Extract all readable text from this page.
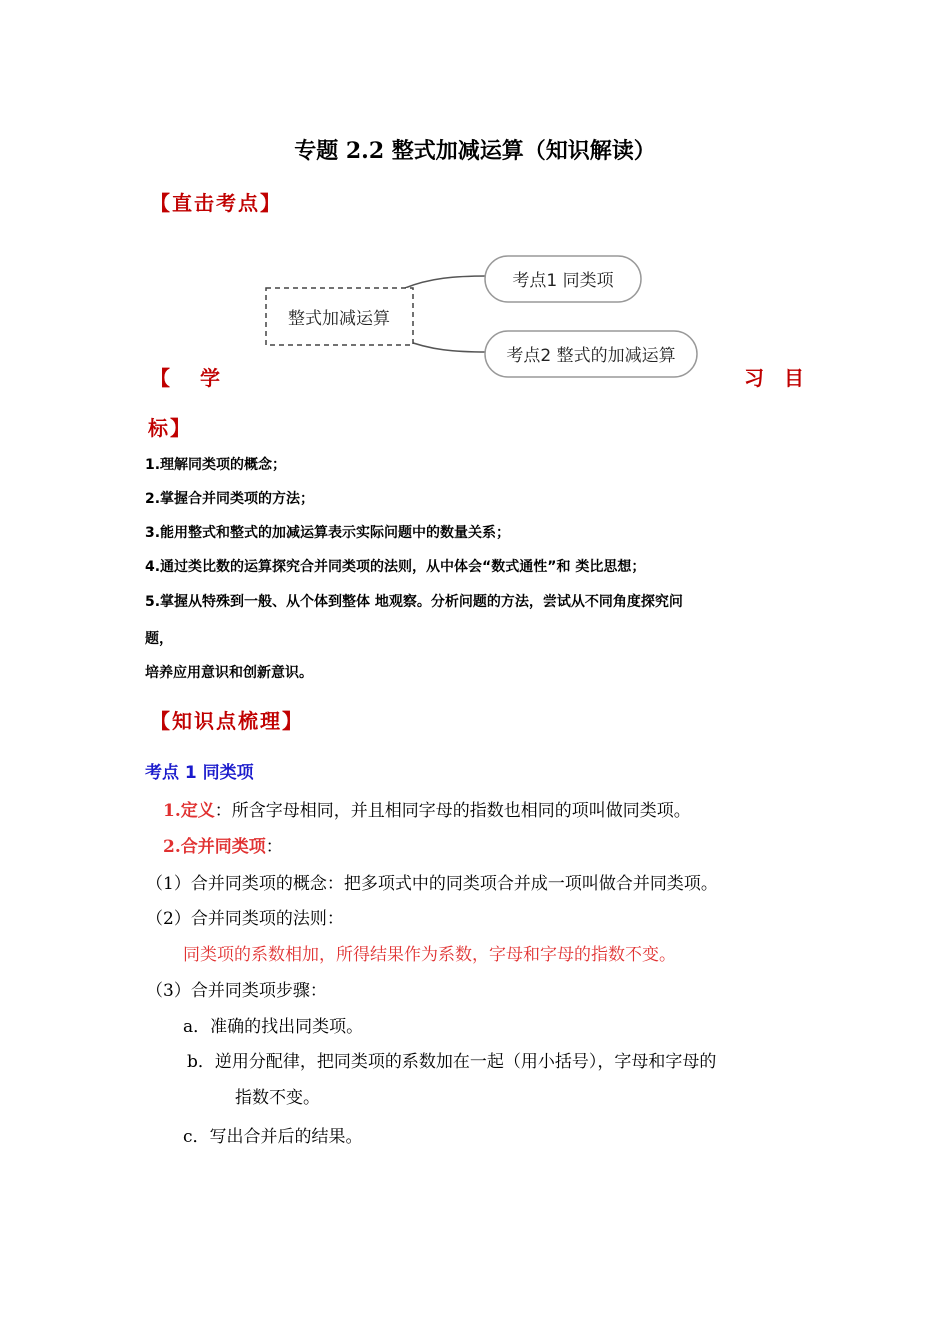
专题 2.2 整式加减运算（知识解读）
【直击考点】
整式加减运算
考点1 同类项
考点2 整式的加减运算
【 学	习 目
标】
1.理解同类项的概念；
2.掌握合并同类项的方法；
3.能用整式和整式的加减运算表示实际问题中的数量关系；
4.通过类比数的运算探究合并同类项的法则，从中体会“数式通性”和 类比思想；
5.掌握从特殊到一般、从个体到整体 地观察。分析问题的方法，尝试从不同角度探究问
题，
培养应用意识和创新意识。
【知识点梳理】
考点 1 同类项
1.定义：所含字母相同，并且相同字母的指数也相同的项叫做同类项。
2.合并同类项：
（1）合并同类项的概念：把多项式中的同类项合并成一项叫做合并同类项。
（2）合并同类项的法则：
同类项的系数相加，所得结果作为系数，字母和字母的指数不变。
（3）合并同类项步骤：
a．准确的找出同类项。
b．逆用分配律，把同类项的系数加在一起（用小括号），字母和字母的
指数不变。
c．写出合并后的结果。
